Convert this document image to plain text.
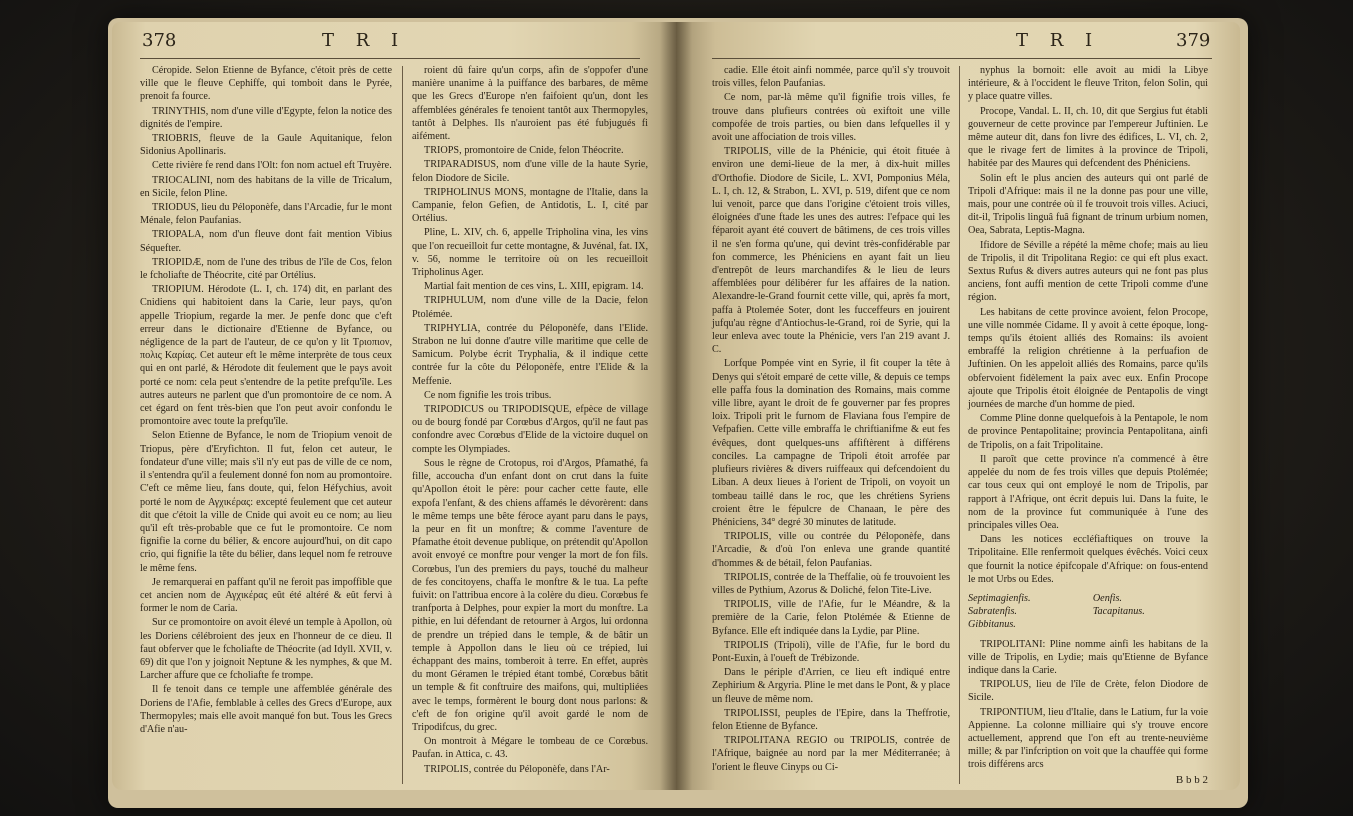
378	T R I

Céropide. Selon Etienne de Byfance, c'étoit près de cette ville que le fleuve Cephiffe, qui tomboit dans le Pyrée, prenoit fa fource.

TRINYTHIS, nom d'une ville d'Egypte, felon la notice des dignités de l'empire.

TRIOBRIS, fleuve de la Gaule Aquitanique, felon Sidonius Apollinaris.

Cette rivière fe rend dans l'Olt: fon nom actuel eft Truyère.

TRIOCALINI, nom des habitans de la ville de Tricalum, en Sicile, felon Pline.

TRIODUS, lieu du Péloponèfe, dans l'Arcadie, fur le mont Ménale, felon Paufanias.

TRIOPALA, nom d'un fleuve dont fait mention Vibius Séquefter.

TRIOPIDÆ, nom de l'une des tribus de l'île de Cos, felon le fcholiafte de Théocrite, cité par Ortélius.

TRIOPIUM. Hérodote (L. I, ch. 174) dit, en parlant des Cnidiens qui habitoient dans la Carie, leur pays, qu'on appelle Triopium, regarde la mer. Je penfe donc que c'eft erreur dans le dictionaire d'Etienne de Byfance, ou négligence de la part de l'auteur, de ce qu'on y lit Τριοπιον, πολις Καρίας. Cet auteur eft le même interprète de tous ceux qui en ont parlé, & Hérodote dit feulement que le pays avoit porté ce nom: cela peut s'entendre de la petite prefqu'île. Les autres auteurs ne parlent que d'un promontoire de ce nom. A cet égard on fent très-bien que l'on peut avoir confondu le promontoire avec toute la prefqu'île.

Selon Etienne de Byfance, le nom de Triopium venoit de Triopus, père d'Eryfichton. Il fut, felon cet auteur, le fondateur d'une ville; mais s'il n'y eut pas de ville de ce nom, il s'entendra qu'il a feulement donné fon nom au promontoire. C'eft ce même lieu, fans doute, qui, felon Héfychius, avoit porté le nom de Αγχικέρας: excepté feulement que cet auteur dit que c'étoit la ville de Cnide qui avoit eu ce nom; au lieu qu'il eft très-probable que ce fut le promontoire. Ce nom fignifie la corne du bélier, & encore aujourd'hui, on dit capo crio, qui fignifie la tête du bélier, dans lequel nom fe retrouve le même fens.

Je remarquerai en paffant qu'il ne feroit pas impoffible que cet ancien nom de Αγχικέρας eût été altéré & eût fervi à former le nom de Caria.

Sur ce promontoire on avoit élevé un temple à Apollon, où les Doriens célébroient des jeux en l'honneur de ce dieu. Il faut obferver que le fcholiafte de Théocrite (ad Idyll. XVII, v. 69) dit que l'on y joignoit Neptune & les nymphes, & que M. Larcher affure que ce fcholiafte fe trompe.

Il fe tenoit dans ce temple une affemblée générale des Doriens de l'Afie, femblable à celles des Grecs d'Europe, aux Thermopyles; mais elle avoit manqué fon but. Tous les Grecs d'Afie n'au-

roient dû faire qu'un corps, afin de s'oppofer d'une manière unanime à la puiffance des barbares, de même que les Grecs d'Europe n'en faifoient qu'un, dont les affemblées générales fe tenoient tantôt aux Thermopyles, tantôt à Delphes. Ils n'auroient pas été fubjugués fi aifément.

TRIOPS, promontoire de Cnide, felon Théocrite.

TRIPARADISUS, nom d'une ville de la haute Syrie, felon Diodore de Sicile.

TRIPHOLINUS MONS, montagne de l'Italie, dans la Campanie, felon Gefien, de Antidotis, L. I, cité par Ortélius.

Pline, L. XIV, ch. 6, appelle Tripholina vina, les vins que l'on recueilloit fur cette montagne, & Juvénal, fat. IX, v. 56, nomme le territoire où on les recueilloit Tripholinus Ager.

Martial fait mention de ces vins, L. XIII, epigram. 14.

TRIPHULUM, nom d'une ville de la Dacie, felon Ptolémée.

TRIPHYLIA, contrée du Péloponèfe, dans l'Elide. Strabon ne lui donne d'autre ville maritime que celle de Samicum. Polybe écrit Tryphalia, & il indique cette contrée fur la côte du Péloponèfe, entre l'Elide & la Meffenie.

Ce nom fignifie les trois tribus.

TRIPODICUS ou TRIPODISQUE, efpèce de village ou de bourg fondé par Corœbus d'Argos, qu'il ne faut pas confondre avec Corœbus d'Elide de la victoire duquel on compte les Olympiades.

Sous le règne de Crotopus, roi d'Argos, Pfamathé, fa fille, accoucha d'un enfant dont on crut dans la fuite qu'Apollon étoit le père: pour cacher cette faute, elle expofa l'enfant, & des chiens affamés le dévorèrent: dans le même temps une bête féroce ayant paru dans le pays, la peur en fit un monftre; & comme l'aventure de Pfamathe étoit devenue publique, on prétendit qu'Apollon avoit envoyé ce monftre pour venger la mort de fon fils. Corœbus, l'un des premiers du pays, touché du malheur de fes concitoyens, chaffa le monftre & le tua. La pefte fuivit: on l'attribua encore à la colère du dieu. Corœbus fe tranfporta à Delphes, pour expier la mort du monftre. La pithie, en lui défendant de retourner à Argos, lui ordonna de prendre un trépied dans le temple, & de bâtir un temple à Appollon dans le lieu où ce trépied, lui échappant des mains, tomberoit à terre. En effet, auprès du mont Géramen le trépied étant tombé, Corœbus bâtit un temple & fit conftruire des maifons, qui, multipliées avec le temps, formèrent le bourg dont nous parlons: & c'eft de fon origine qu'il avoit gardé le nom de Tripodifcus, du grec.

On montroit à Mégare le tombeau de ce Corœbus. Paufan. in Attica, c. 43.

TRIPOLIS, contrée du Péloponèfe, dans l'Ar-

T R I	379

cadie. Elle étoit ainfi nommée, parce qu'il s'y trouvoit trois villes, felon Paufanias.

Ce nom, par-là même qu'il fignifie trois villes, fe trouve dans plufieurs contrées où exiftoit une ville compofée de trois parties, ou bien dans lefquelles il y avoit une affociation de trois villes.

TRIPOLIS, ville de la Phénicie, qui étoit fituée à environ une demi-lieue de la mer, à dix-huit milles d'Orthofie. Diodore de Sicile, L. XVI, Pomponius Méla, L. I, ch. 12, & Strabon, L. XVI, p. 519, difent que ce nom lui venoit, parce que dans l'origine c'étoient trois villes, éloignées d'une ftade les unes des autres: l'efpace qui les féparoit ayant été couvert de bâtimens, de ces trois villes il ne s'en forma qu'une, qui devint très-confidérable par fon commerce, les Phéniciens en ayant fait un lieu d'entrepôt de leurs marchandifes & le lieu de leurs affemblées pour délibérer fur les affaires de la nation. Alexandre-le-Grand fournit cette ville, qui, après fa mort, paffa à Ptolemée Soter, dont les fucceffeurs en jouirent jufqu'au règne d'Antiochus-le-Grand, roi de Syrie, qui la leur enleva avec toute la Phénicie, vers l'an 219 avant J. C.

Lorfque Pompée vint en Syrie, il fit couper la tête à Denys qui s'étoit emparé de cette ville, & depuis ce temps elle paffa fous la domination des Romains, mais comme ville libre, ayant le droit de fe gouverner par fes propres loix. Tripoli prit le furnom de Flaviana fous l'empire de Vefpafien. Cette ville embraffa le chriftianifme & eut fes évêques, dont quelques-uns affiftèrent à différens conciles. La campagne de Tripoli étoit arrofée par plufieurs rivières & divers ruiffeaux qui defcendoient du Liban. A deux lieues à l'orient de Tripoli, on voyoit un tombeau taillé dans le roc, que les chrétiens Syriens croient être le fépulcre de Chanaan, le père des Phéniciens, 34° degré 30 minutes de latitude.

TRIPOLIS, ville ou contrée du Péloponèfe, dans l'Arcadie, & d'où l'on enleva une grande quantité d'hommes & de bétail, felon Paufanias.

TRIPOLIS, contrée de la Theffalie, où fe trouvoient les villes de Pythium, Azorus & Doliché, felon Tite-Live.

TRIPOLIS, ville de l'Afie, fur le Méandre, & la première de la Carie, felon Ptolémée & Etienne de Byfance. Elle eft indiquée dans la Lydie, par Pline.

TRIPOLIS (Tripoli), ville de l'Afie, fur le bord du Pont-Euxin, à l'oueft de Trébizonde.

Dans le périple d'Arrien, ce lieu eft indiqué entre Zephirium & Argyria. Pline le met dans le Pont, & y place un fleuve de même nom.

TRIPOLISSI, peuples de l'Epire, dans la Theffrotie, felon Etienne de Byfance.

TRIPOLITANA REGIO ou TRIPOLIS, contrée de l'Afrique, baignée au nord par la mer Méditerranée; à l'orient le fleuve Cinyps ou Ci-

nyphus la bornoit: elle avoit au midi la Libye intérieure, & à l'occident le fleuve Triton, felon Solin, qui y place quatre villes.

Procope, Vandal. L. II, ch. 10, dit que Sergius fut établi gouverneur de cette province par l'empereur Juftinien. Le même auteur dit, dans fon livre des édifices, L. VI, ch. 2, que le rivage fert de limites à la province de Tripoli, habitée par des Maures qui defcendent des Phéniciens.

Solin eft le plus ancien des auteurs qui ont parlé de Tripoli d'Afrique: mais il ne la donne pas pour une ville, mais, pour une contrée où il fe trouvoit trois villes. Aciuci, dit-il, Tripolis linguâ fuâ fignant de trinum urbium nomen, Oea, Sabrata, Leptis-Magna.

Ifidore de Séville a répété la même chofe; mais au lieu de Tripolis, il dit Tripolitana Regio: ce qui eft plus exact. Sextus Rufus & divers autres auteurs qui ne font pas plus anciens, font auffi mention de cette Tripoli comme d'une région.

Les habitans de cette province avoient, felon Procope, une ville nommée Cidame. Il y avoit à cette époque, long-temps qu'ils étoient alliés des Romains: ils avoient embraffé la religion chrétienne à la perfuafion de Juftinien. On les appeloit alliés des Romains, parce qu'ils obfervoient fidèlement la paix avec eux. Enfin Procope ajoute que Tripolis étoit éloignée de Pentapolis de vingt journées de marche d'un homme de pied.

Comme Pline donne quelquefois à la Pentapole, le nom de province Pentapolitaine; provincia Pentapolitana, ainfi de Tripolis, on a fait Tripolitaine.

Il paroît que cette province n'a commencé à être appelée du nom de fes trois villes que depuis Ptolémée; car tous ceux qui ont employé le nom de Tripolis, par rapport à l'Afrique, ont écrit depuis lui. Dans la fuite, le nom de la province fut communiquée à l'une des principales villes Oea.

Dans les notices eccléfiaftiques on trouve la Tripolitaine. Elle renfermoit quelques évêchés. Voici ceux que fournit la notice épifcopale d'Afrique: on fous-entend le mot Urbs ou Edes.

Septimagienfis.
Sabratenfis.
Gibbitanus.
Oenfis.
Tacapitanus.

TRIPOLITANI: Pline nomme ainfi les habitans de la ville de Tripolis, en Lydie; mais qu'Etienne de Byfance indique dans la Carie.

TRIPOLUS, lieu de l'île de Crète, felon Diodore de Sicile.

TRIPONTIUM, lieu d'Italie, dans le Latium, fur la voie Appienne. La colonne milliaire qui s'y trouve encore actuellement, apprend que l'on eft au trente-neuvième mille; & par l'infcription on voit que la chauffée qui forme trois différens arcs

B b b 2
